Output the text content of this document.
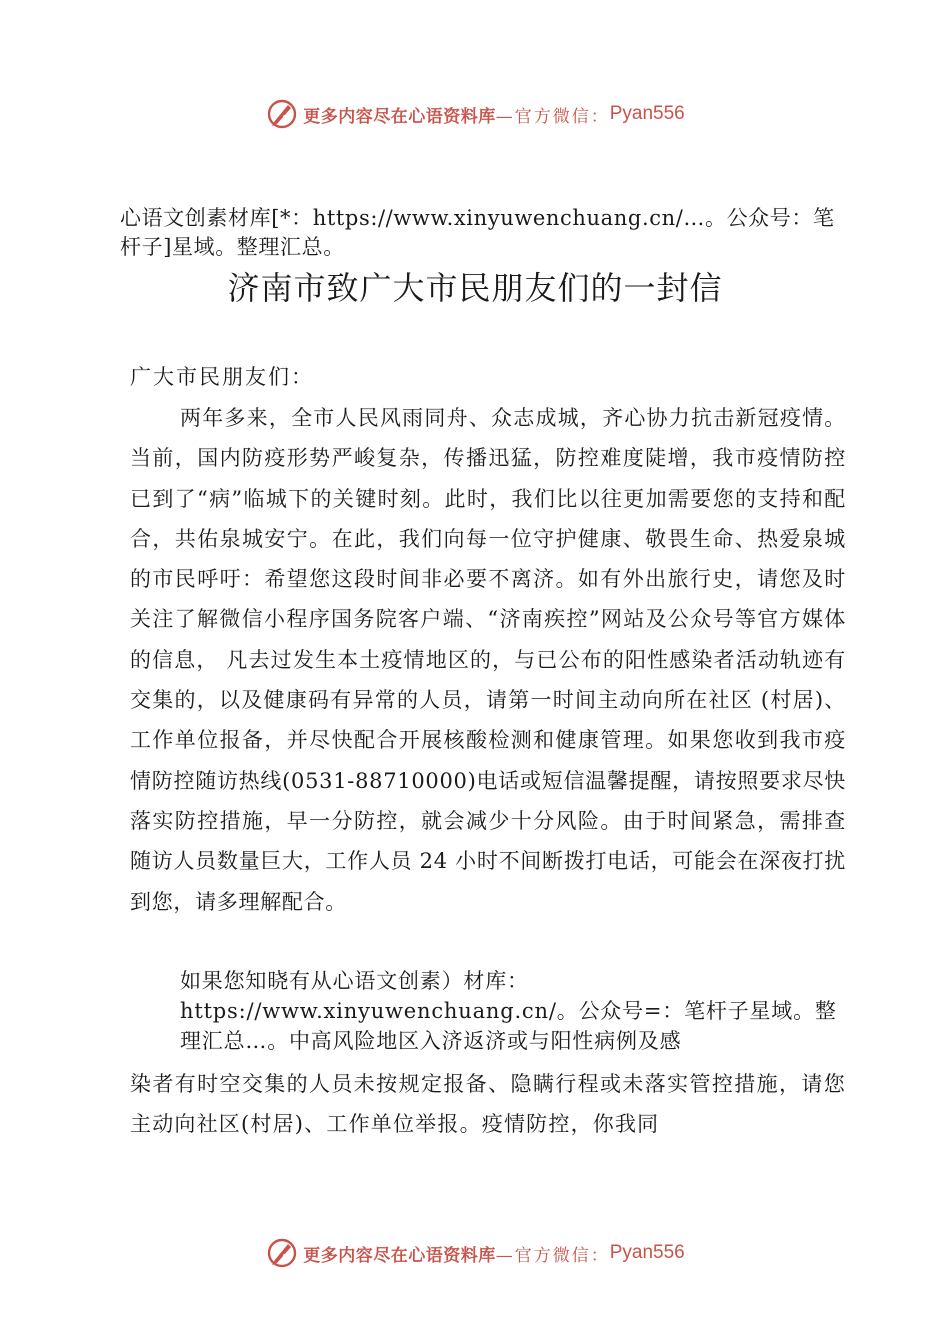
更多内容尽在心语资料库 —官方微信： Pyan556

心语文创素材库[*：https://www.xinyuwenchuang.cn/…。公众号：笔杆子]星域。整理汇总。

济南市致广大市民朋友们的一封信

广大市民朋友们：

两年多来，全市人民风雨同舟、众志成城，齐心协力抗击新冠疫情。当前，国内防疫形势严峻复杂，传播迅猛，防控难度陡增，我市疫情防控已到了“病”临城下的关键时刻。此时，我们比以往更加需要您的支持和配合，共佑泉城安宁。在此，我们向每一位守护健康、敬畏生命、热爱泉城的市民呼吁：希望您这段时间非必要不离济。如有外出旅行史，请您及时关注了解微信小程序国务院客户端、“济南疾控”网站及公众号等官方媒体的信息， 凡去过发生本土疫情地区的，与已公布的阳性感染者活动轨迹有交集的，以及健康码有异常的人员，请第一时间主动向所在社区 (村居)、工作单位报备，并尽快配合开展核酸检测和健康管理。如果您收到我市疫情防控随访热线(0531-88710000)电话或短信温馨提醒，请按照要求尽快落实防控措施，早一分防控，就会减少十分风险。由于时间紧急，需排查随访人员数量巨大，工作人员 24 小时不间断拨打电话，可能会在深夜打扰到您，请多理解配合。

如果您知晓有从心语文创素）材库：https://www.xinyuwenchuang.cn/。公众号=：笔杆子星域。整理汇总…。中高风险地区入济返济或与阳性病例及感

染者有时空交集的人员未按规定报备、隐瞒行程或未落实管控措施，请您主动向社区(村居)、工作单位举报。疫情防控，你我同

更多内容尽在心语资料库 —官方微信： Pyan556
